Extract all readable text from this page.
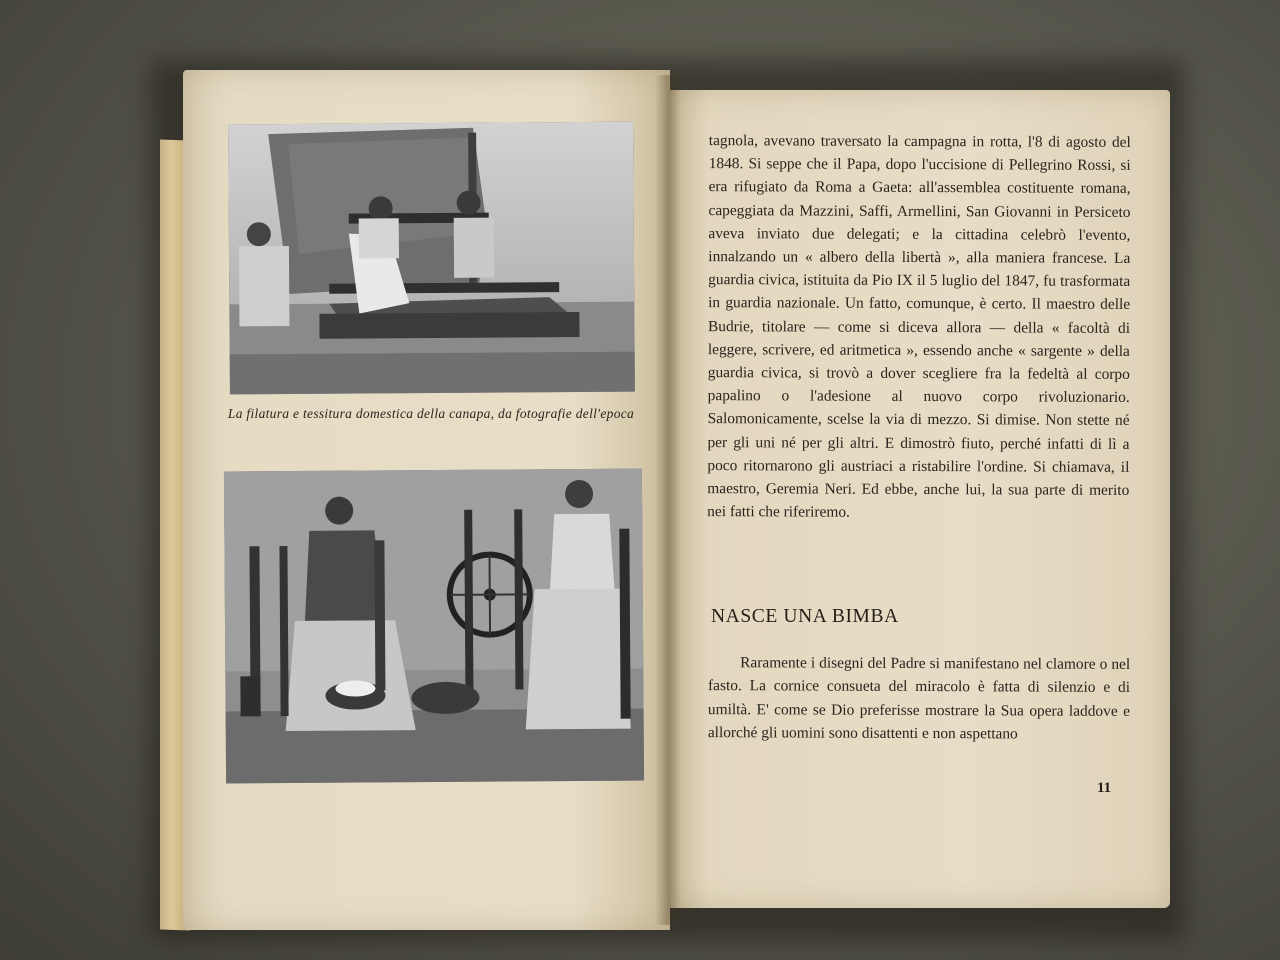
La filatura e tessitura domestica della canapa, da fotografie dell'epoca

tagnola, avevano traversato la campagna in rotta, l'8 di agosto del 1848. Si seppe che il Papa, dopo l'uccisione di Pellegrino Rossi, si era rifugiato da Roma a Gaeta: all'assemblea costituente romana, capeggiata da Mazzini, Saffi, Armellini, San Giovanni in Persiceto aveva inviato due delegati; e la cittadina celebrò l'evento, innalzando un « albero della libertà », alla maniera francese. La guardia civica, istituita da Pio IX il 5 luglio del 1847, fu trasformata in guardia nazionale. Un fatto, comunque, è certo. Il maestro delle Budrie, titolare — come si diceva allora — della « facoltà di leggere, scrivere, ed aritmetica », essendo anche « sargente » della guardia civica, si trovò a dover scegliere fra la fedeltà al corpo papalino o l'adesione al nuovo corpo rivoluzionario. Salomonicamente, scelse la via di mezzo. Si dimise. Non stette né per gli uni né per gli altri. E dimostrò fiuto, perché infatti di lì a poco ritornarono gli austriaci a ristabilire l'ordine. Si chiamava, il maestro, Geremia Neri. Ed ebbe, anche lui, la sua parte di merito nei fatti che riferiremo.

NASCE UNA BIMBA

Raramente i disegni del Padre si manifestano nel clamore o nel fasto. La cornice consueta del miracolo è fatta di silenzio e di umiltà. E' come se Dio preferisse mostrare la Sua opera laddove e allorché gli uomini sono disattenti e non aspettano

11
